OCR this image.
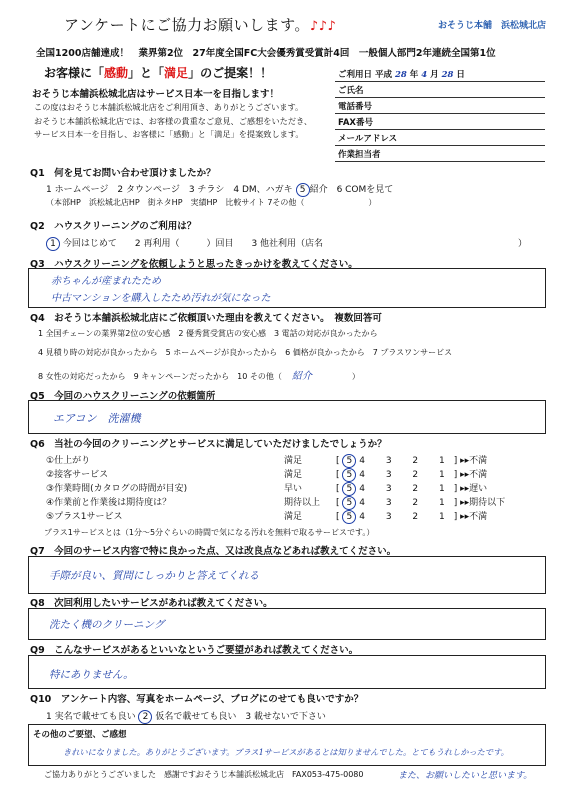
アンケートにご協力お願いします。♪♪♪	おそうじ本舗　浜松城北店
全国1200店舗達成！　業界第2位　27年度全国FC大会優秀賞受賞計4回　一般個人部門2年連続全国第1位
お客様に「感動」と「満足」のご提案！！
おそうじ本舗浜松城北店はサービス日本一を目指します！
この度はおそうじ本舗浜松城北店をご利用頂き、ありがとうございます。
おそうじ本舗浜松城北店では、お客様の貴重なご意見、ご感想をいただき、
サービス日本一を目指し、お客様に「感動」と「満足」を提案致します。
ご利用日 平成 28 年 4 月 28 日
ご氏名
電話番号
FAX番号
メールアドレス
作業担当者
Q1　何を見てお問い合わせ頂けましたか？
1 ホームページ　2 タウンページ　3 チラシ　4 DM、ハガキ 5 紹介　6 COMを見て
（本部HP　浜松城北店HP　街ネタHP　実績HP　比較サイト 7その他（　　　　　　　　）
Q2　ハウスクリーニングのご利用は？
1 今回はじめて　　2 再利用（　　　）回目　　3 他社利用（店名	）
Q3　ハウスクリーニングを依頼しようと思ったきっかけを教えてください。
赤ちゃんが産まれたため
中古マンションを購入したため汚れが気になった
Q4　おそうじ本舗浜松城北店にご依頼頂いた理由を教えてください。　複数回答可
1 全国チェーンの業界第2位の安心感　2 優秀賞受賞店の安心感　3 電話の対応が良かったから
4 見積り時の対応が良かったから　5 ホームページが良かったから　6 価格が良かったから　7 プラスワンサービス
8 女性の対応だったから　9 キャンペーンだったから　10 その他（ 紹介	）
Q5　今回のハウスクリーニングの依頼箇所
エアコン　洗濯機
Q6　当社の今回のクリーニングとサービスに満足していただけましたでしょうか？
①仕上がり	満足	[ 5 4 3 2 1] ▸▸不満
②接客サービス	満足	[ 5 4 3 2 1] ▸▸不満
③作業時間(カタログの時間が目安)	早い	[ 5 4 3 2 1] ▸▸遅い
④作業前と作業後は期待度は？	期待以上 [ 5 4 3 2 1] ▸▸期待以下
⑤プラス1サービス	満足	[ 5 4 3 2 1] ▸▸不満
プラス1サービスとは（1分～5分ぐらいの時間で気になる汚れを無料で取るサービスです。）
Q7　今回のサービス内容で特に良かった点、又は改良点などあれば教えてください。
手際が良い、質問にしっかりと答えてくれる
Q8　次回利用したいサービスがあれば教えてください。
洗たく機のクリーニング
Q9　こんなサービスがあるといいなというご要望があれば教えてください。
特にありません。
Q10　アンケート内容、写真をホームページ、ブログにのせても良いですか？
1 実名で載せても良い 2 仮名で載せても良い　3 載せないで下さい
その他のご要望、ご感想
きれいになりました。ありがとうございます。プラス1サービスがあるとは知りませんでした。とてもうれしかったです。
また、お願いしたいと思います。
ご協力ありがとうございました　感謝です。
おそうじ本舗浜松城北店　FAX053-475-0080
